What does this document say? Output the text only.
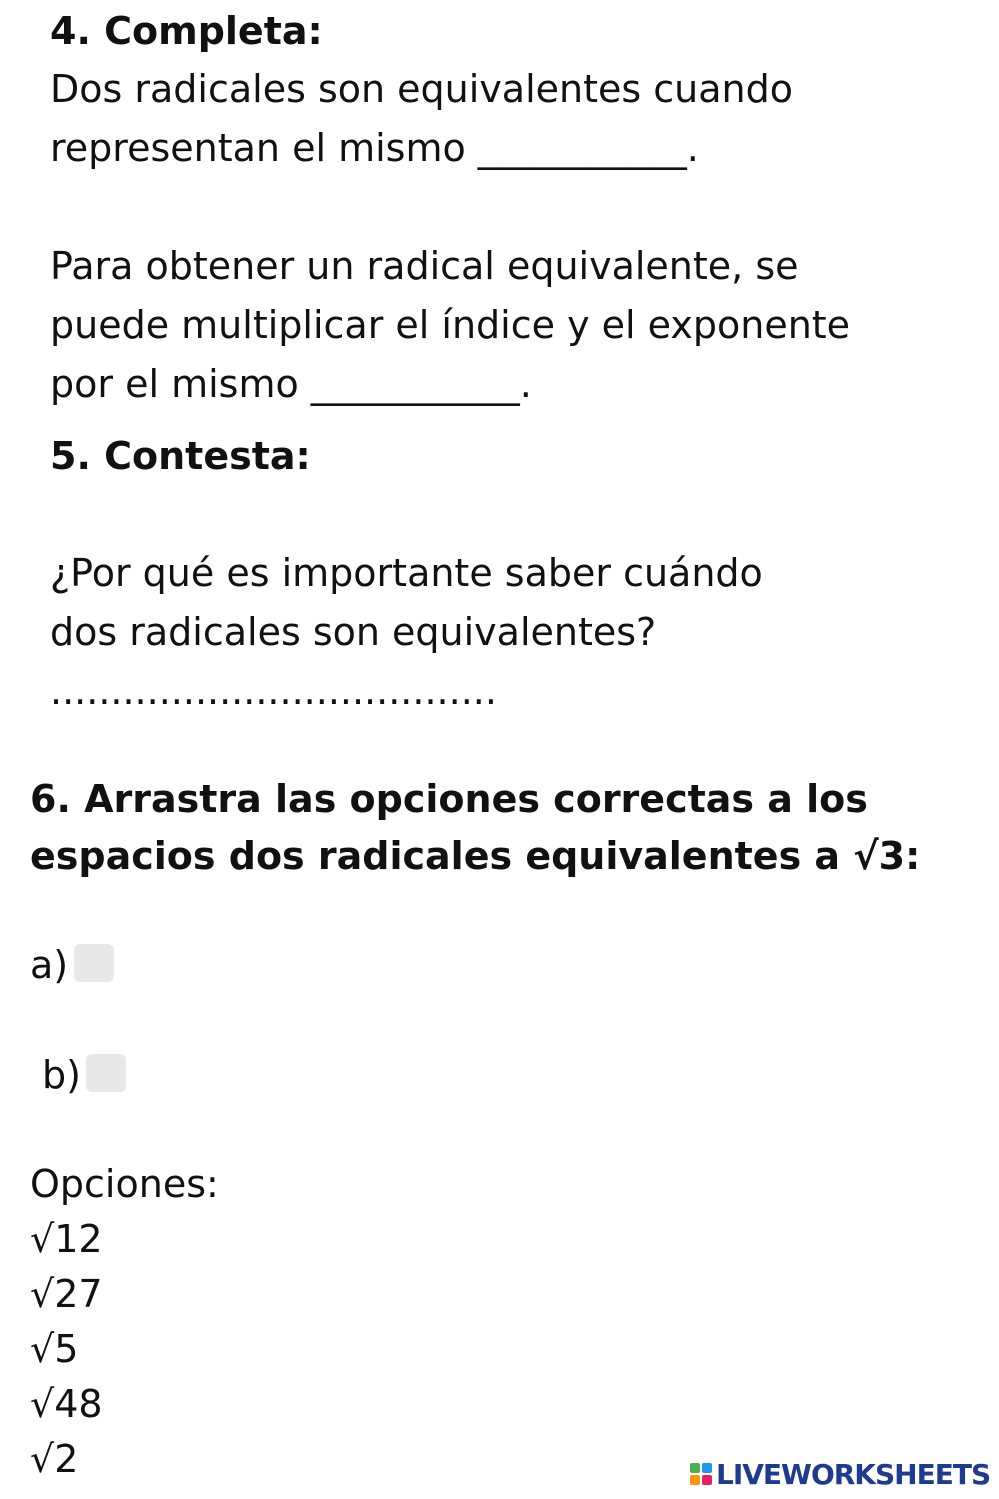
4. Completa:
Dos radicales son equivalentes cuando
representan el mismo ___________.
Para obtener un radical equivalente, se
puede multiplicar el índice y el exponente
por el mismo ___________.
5. Contesta:
¿Por qué es importante saber cuándo
dos radicales son equivalentes?
.....................................
6. Arrastra las opciones correctas a los
espacios dos radicales equivalentes a √3:
a)
b)
Opciones:
√12
√27
√5
√48
√2	LIVEWORKSHEETS
